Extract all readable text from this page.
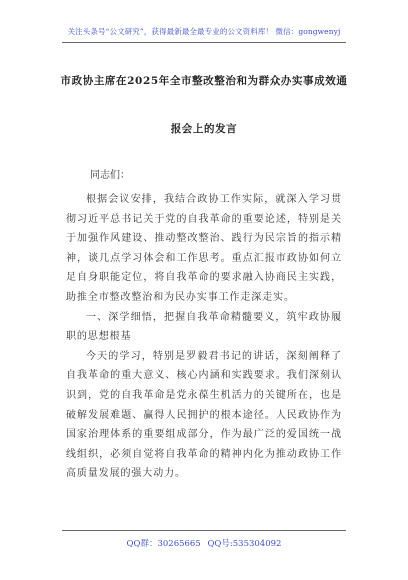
关注头条号“公文研究”，获得最新最全最专业的公文资料库！ 微信：gongwenyj
市政协主席在2025年全市整改整治和为群众办实事成效通
报会上的发言
同志们：

根据会议安排，我结合政协工作实际，就深入学习贯彻习近平总书记关于党的自我革命的重要论述，特别是关于加强作风建设、推动整改整治、践行为民宗旨的指示精神，谈几点学习体会和工作思考。重点汇报市政协如何立足自身职能定位，将自我革命的要求融入协商民主实践，助推全市整改整治和为民办实事工作走深走实。

一、深学细悟，把握自我革命精髓要义，筑牢政协履职的思想根基

今天的学习，特别是罗毅君书记的讲话，深刻阐释了自我革命的重大意义、核心内涵和实践要求。我们深刻认识到，党的自我革命是党永葆生机活力的关键所在，也是破解发展难题、赢得人民拥护的根本途径。人民政协作为国家治理体系的重要组成部分，作为最广泛的爱国统一战线组织，必须自觉将自我革命的精神内化为推动政协工作高质量发展的强大动力。

QQ群：30265665 QQ号:535304092
